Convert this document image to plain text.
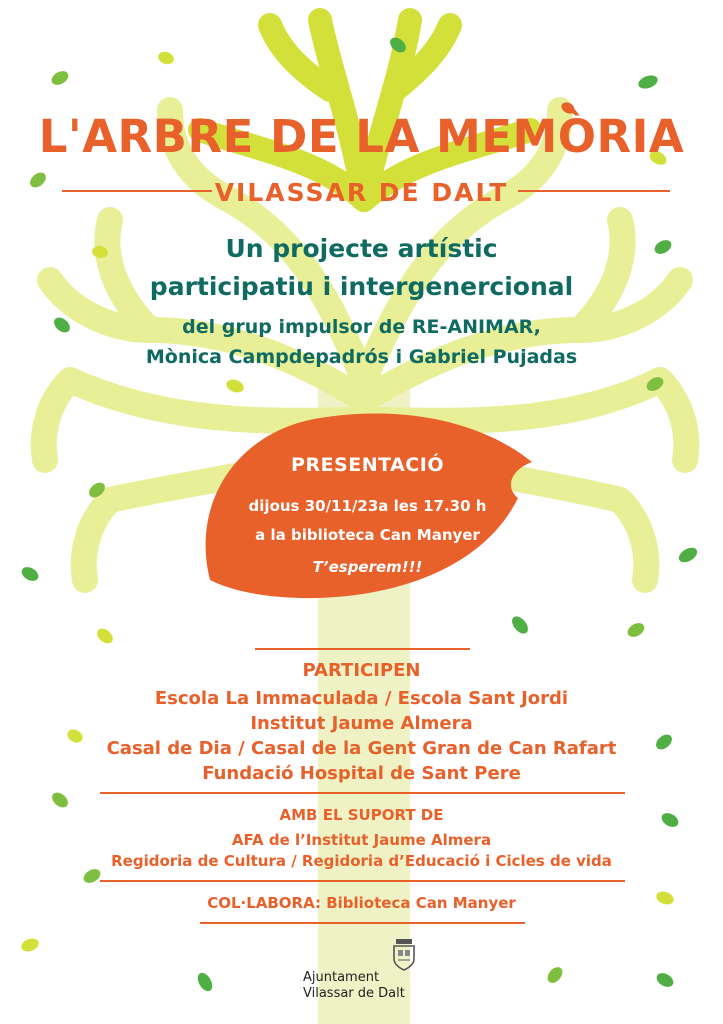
L'ARBRE DE LA MEMÒRIA

VILASSAR DE DALT

Un projecte artístic

participatiu i intergenercional

del grup impulsor de RE-ANIMAR,

Mònica Campdepadrós i Gabriel Pujadas

PRESENTACIÓ

dijous 30/11/23a les 17.30 h

a la biblioteca Can Manyer

T’esperem!!!

PARTICIPEN

Escola La Immaculada / Escola Sant Jordi

Institut Jaume Almera

Casal de Dia / Casal de la Gent Gran de Can Rafart

Fundació Hospital de Sant Pere

AMB EL SUPORT DE

AFA de l’Institut Jaume Almera

Regidoria de Cultura / Regidoria d’Educació i Cicles de vida

COL·LABORA: Biblioteca Can Manyer

Ajuntament
Vilassar de Dalt
